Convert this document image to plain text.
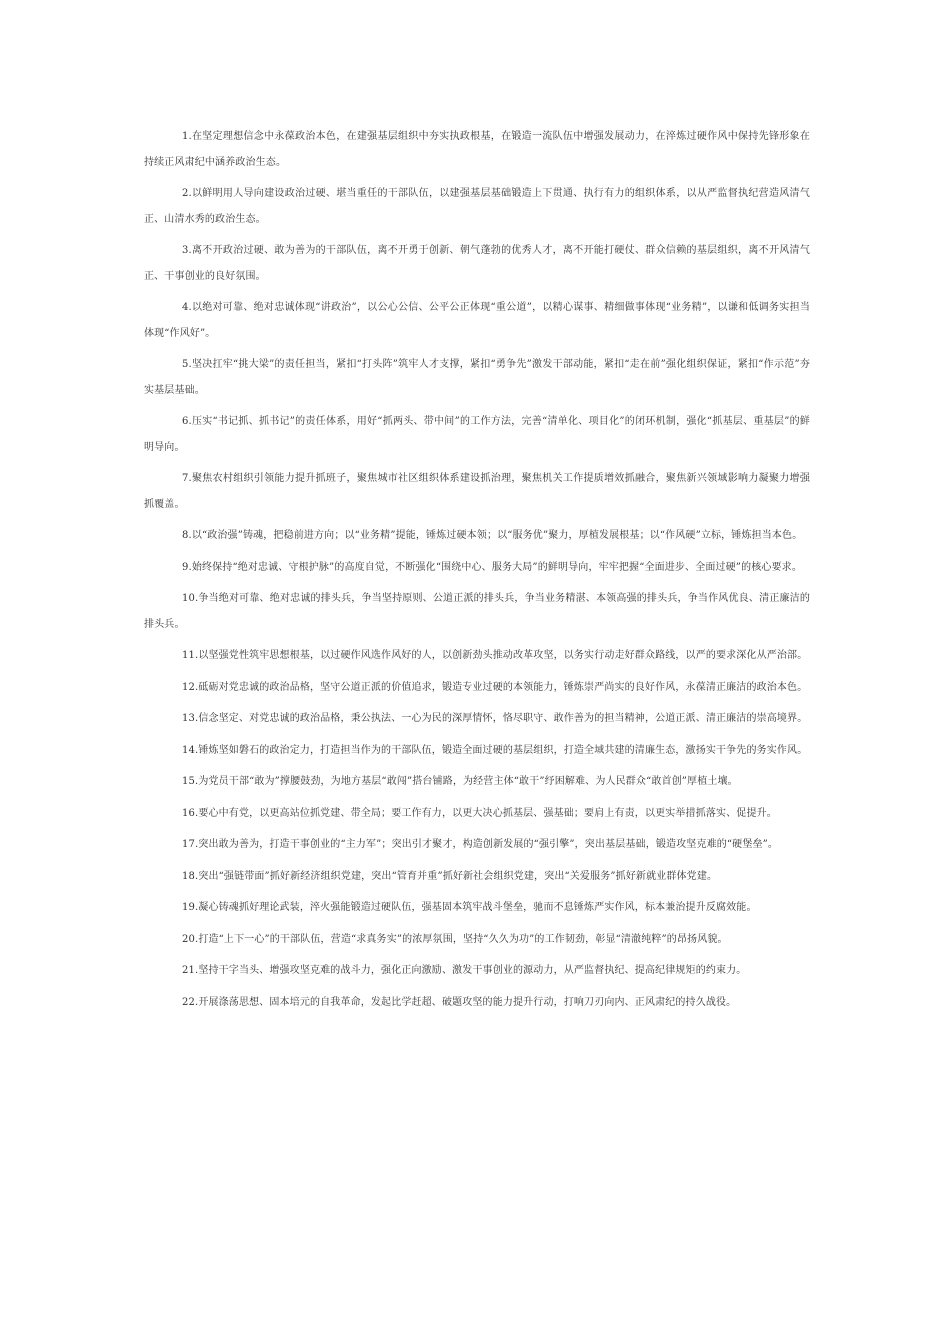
1.在坚定理想信念中永葆政治本色，在建强基层组织中夯实执政根基，在锻造一流队伍中增强发展动力，在淬炼过硬作风中保持先锋形象在持续正风肃纪中涵养政治生态。

2.以鲜明用人导向建设政治过硬、堪当重任的干部队伍，以建强基层基础锻造上下贯通、执行有力的组织体系，以从严监督执纪营造风清气正、山清水秀的政治生态。

3.离不开政治过硬、敢为善为的干部队伍，离不开勇于创新、朝气蓬勃的优秀人才，离不开能打硬仗、群众信赖的基层组织，离不开风清气正、干事创业的良好氛围。

4.以绝对可靠、绝对忠诚体现“讲政治”，以公心公信、公平公正体现“重公道”，以精心谋事、精细做事体现“业务精”，以谦和低调务实担当体现“作风好”。

5.坚决扛牢“挑大梁”的责任担当，紧扣“打头阵”筑牢人才支撑，紧扣“勇争先”激发干部动能，紧扣“走在前”强化组织保证，紧扣“作示范”夯实基层基础。

6.压实“书记抓、抓书记”的责任体系，用好“抓两头、带中间”的工作方法，完善“清单化、项目化”的闭环机制，强化“抓基层、重基层”的鲜明导向。

7.聚焦农村组织引领能力提升抓班子，聚焦城市社区组织体系建设抓治理，聚焦机关工作提质增效抓融合，聚焦新兴领域影响力凝聚力增强抓覆盖。

8.以“政治强”铸魂，把稳前进方向；以“业务精”提能，锤炼过硬本领；以“服务优”聚力，厚植发展根基；以“作风硬”立标，锤炼担当本色。

9.始终保持“绝对忠诚、守根护脉”的高度自觉，不断强化“围绕中心、服务大局”的鲜明导向，牢牢把握“全面进步、全面过硬”的核心要求。

10.争当绝对可靠、绝对忠诚的排头兵，争当坚持原则、公道正派的排头兵，争当业务精湛、本领高强的排头兵，争当作风优良、清正廉洁的排头兵。

11.以坚强党性筑牢思想根基，以过硬作风选作风好的人，以创新劲头推动改革攻坚，以务实行动走好群众路线，以严的要求深化从严治部。

12.砥砺对党忠诚的政治品格，坚守公道正派的价值追求，锻造专业过硬的本领能力，锤炼崇严尚实的良好作风，永葆清正廉洁的政治本色。

13.信念坚定、对党忠诚的政治品格，秉公执法、一心为民的深厚情怀，恪尽职守、敢作善为的担当精神，公道正派、清正廉洁的崇高境界。

14.锤炼坚如磐石的政治定力，打造担当作为的干部队伍，锻造全面过硬的基层组织，打造全域共建的清廉生态，激扬实干争先的务实作风。

15.为党员干部“敢为”撑腰鼓劲，为地方基层“敢闯”搭台铺路，为经营主体“敢干”纾困解难、为人民群众“敢首创”厚植土壤。

16.要心中有党，以更高站位抓党建、带全局；要工作有力，以更大决心抓基层、强基础；要肩上有责，以更实举措抓落实、促提升。

17.突出敢为善为，打造干事创业的“主力军”；突出引才聚才，构造创新发展的“强引擎”，突出基层基础，锻造攻坚克难的“硬堡垒”。

18.突出“强链带面”抓好新经济组织党建，突出“管育并重”抓好新社会组织党建，突出“关爱服务”抓好新就业群体党建。

19.凝心铸魂抓好理论武装，淬火强能锻造过硬队伍，强基固本筑牢战斗堡垒，驰而不息锤炼严实作风，标本兼治提升反腐效能。

20.打造“上下一心”的干部队伍，营造“求真务实”的浓厚氛围，坚持“久久为功”的工作韧劲，彰显“清澈纯粹”的昂扬风貌。

21.坚持干字当头、增强攻坚克难的战斗力，强化正向激励、激发干事创业的源动力，从严监督执纪、提高纪律规矩的约束力。

22.开展涤荡思想、固本培元的自我革命，发起比学赶超、破题攻坚的能力提升行动，打响刀刃向内、正风肃纪的持久战役。
